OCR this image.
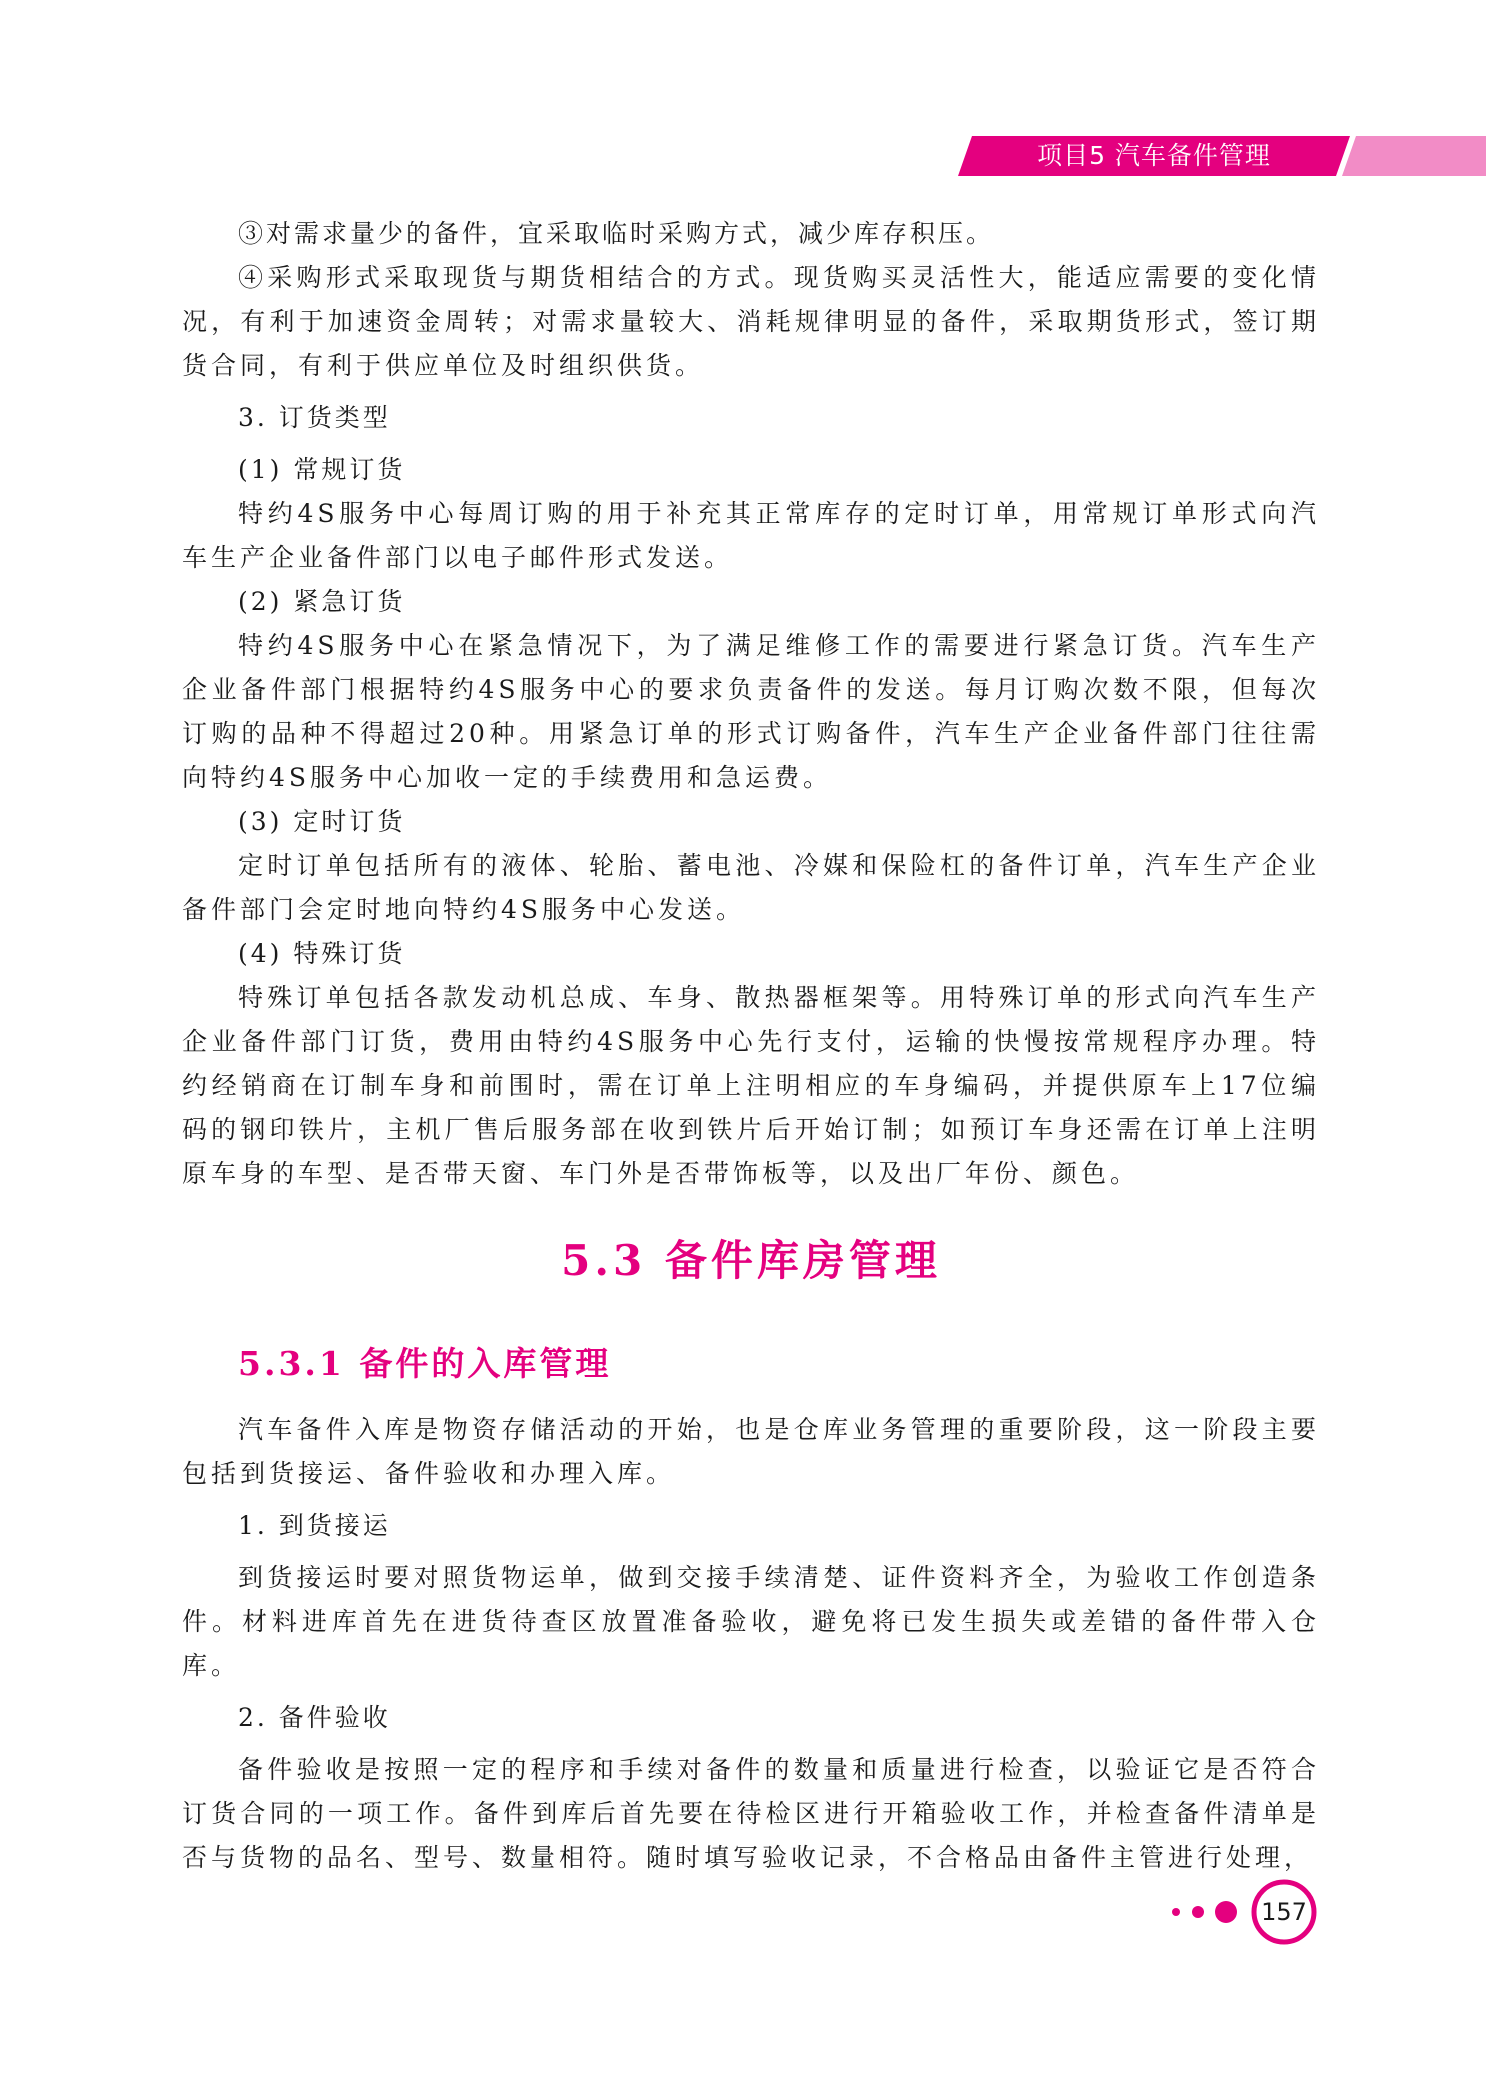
项目5 汽车备件管理

③对需求量少的备件，宜采取临时采购方式，减少库存积压。

④采购形式采取现货与期货相结合的方式。现货购买灵活性大，能适应需要的变化情况，有利于加速资金周转；对需求量较大、消耗规律明显的备件，采取期货形式，签订期货合同，有利于供应单位及时组织供货。

3. 订货类型

(1) 常规订货

特约4S服务中心每周订购的用于补充其正常库存的定时订单，用常规订单形式向汽车生产企业备件部门以电子邮件形式发送。

(2) 紧急订货

特约4S服务中心在紧急情况下，为了满足维修工作的需要进行紧急订货。汽车生产企业备件部门根据特约4S服务中心的要求负责备件的发送。每月订购次数不限，但每次订购的品种不得超过20种。用紧急订单的形式订购备件，汽车生产企业备件部门往往需向特约4S服务中心加收一定的手续费用和急运费。

(3) 定时订货

定时订单包括所有的液体、轮胎、蓄电池、冷媒和保险杠的备件订单，汽车生产企业备件部门会定时地向特约4S服务中心发送。

(4) 特殊订货

特殊订单包括各款发动机总成、车身、散热器框架等。用特殊订单的形式向汽车生产企业备件部门订货，费用由特约4S服务中心先行支付，运输的快慢按常规程序办理。特约经销商在订制车身和前围时，需在订单上注明相应的车身编码，并提供原车上17位编码的钢印铁片，主机厂售后服务部在收到铁片后开始订制；如预订车身还需在订单上注明原车身的车型、是否带天窗、车门外是否带饰板等，以及出厂年份、颜色。

5.3 备件库房管理
5.3.1 备件的入库管理

汽车备件入库是物资存储活动的开始，也是仓库业务管理的重要阶段，这一阶段主要包括到货接运、备件验收和办理入库。

1. 到货接运

到货接运时要对照货物运单，做到交接手续清楚、证件资料齐全，为验收工作创造条件。材料进库首先在进货待查区放置准备验收，避免将已发生损失或差错的备件带入仓库。

2. 备件验收

备件验收是按照一定的程序和手续对备件的数量和质量进行检查，以验证它是否符合订货合同的一项工作。备件到库后首先要在待检区进行开箱验收工作，并检查备件清单是否与货物的品名、型号、数量相符。随时填写验收记录，不合格品由备件主管进行处理，

157
